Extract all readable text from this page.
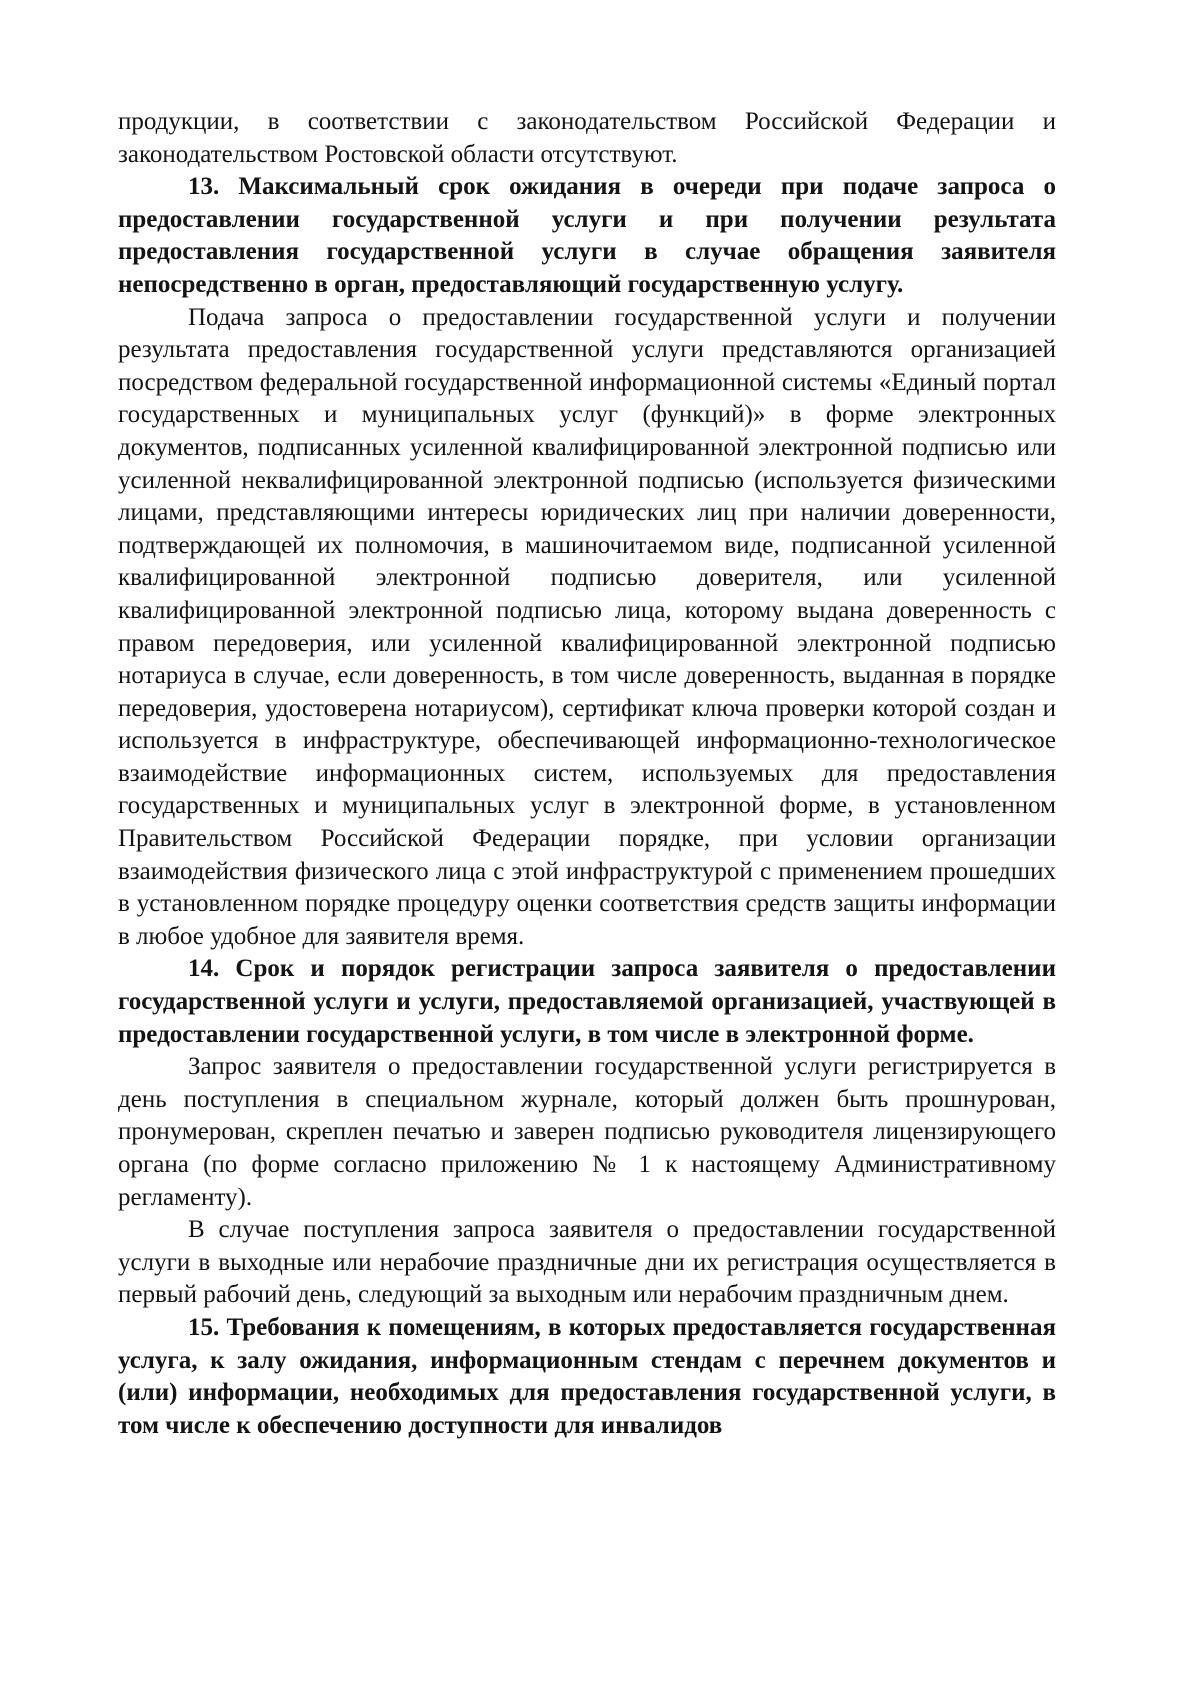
продукции, в соответствии с законодательством Российской Федерации и законодательством Ростовской области отсутствуют.

13. Максимальный срок ожидания в очереди при подаче запроса о предоставлении государственной услуги и при получении результата предоставления государственной услуги в случае обращения заявителя непосредственно в орган, предоставляющий государственную услугу.

Подача запроса о предоставлении государственной услуги и получении результата предоставления государственной услуги представляются организацией посредством федеральной государственной информационной системы «Единый портал государственных и муниципальных услуг (функций)» в форме электронных документов, подписанных усиленной квалифицированной электронной подписью или усиленной неквалифицированной электронной подписью (используется физическими лицами, представляющими интересы юридических лиц при наличии доверенности, подтверждающей их полномочия, в машиночитаемом виде, подписанной усиленной квалифицированной электронной подписью доверителя, или усиленной квалифицированной электронной подписью лица, которому выдана доверенность с правом передоверия, или усиленной квалифицированной электронной подписью нотариуса в случае, если доверенность, в том числе доверенность, выданная в порядке передоверия, удостоверена нотариусом), сертификат ключа проверки которой создан и используется в инфраструктуре, обеспечивающей информационно-технологическое взаимодействие информационных систем, используемых для предоставления государственных и муниципальных услуг в электронной форме, в установленном Правительством Российской Федерации порядке, при условии организации взаимодействия физического лица с этой инфраструктурой с применением прошедших в установленном порядке процедуру оценки соответствия средств защиты информации в любое удобное для заявителя время.

14. Срок и порядок регистрации запроса заявителя о предоставлении государственной услуги и услуги, предоставляемой организацией, участвующей в предоставлении государственной услуги, в том числе в электронной форме.

Запрос заявителя о предоставлении государственной услуги регистрируется в день поступления в специальном журнале, который должен быть прошнурован, пронумерован, скреплен печатью и заверен подписью руководителя лицензирующего органа (по форме согласно приложению № 1 к настоящему Административному регламенту).

В случае поступления запроса заявителя о предоставлении государственной услуги в выходные или нерабочие праздничные дни их регистрация осуществляется в первый рабочий день, следующий за выходным или нерабочим праздничным днем.

15. Требования к помещениям, в которых предоставляется государственная услуга, к залу ожидания, информационным стендам с перечнем документов и (или) информации, необходимых для предоставления государственной услуги, в том числе к обеспечению доступности для инвалидов
